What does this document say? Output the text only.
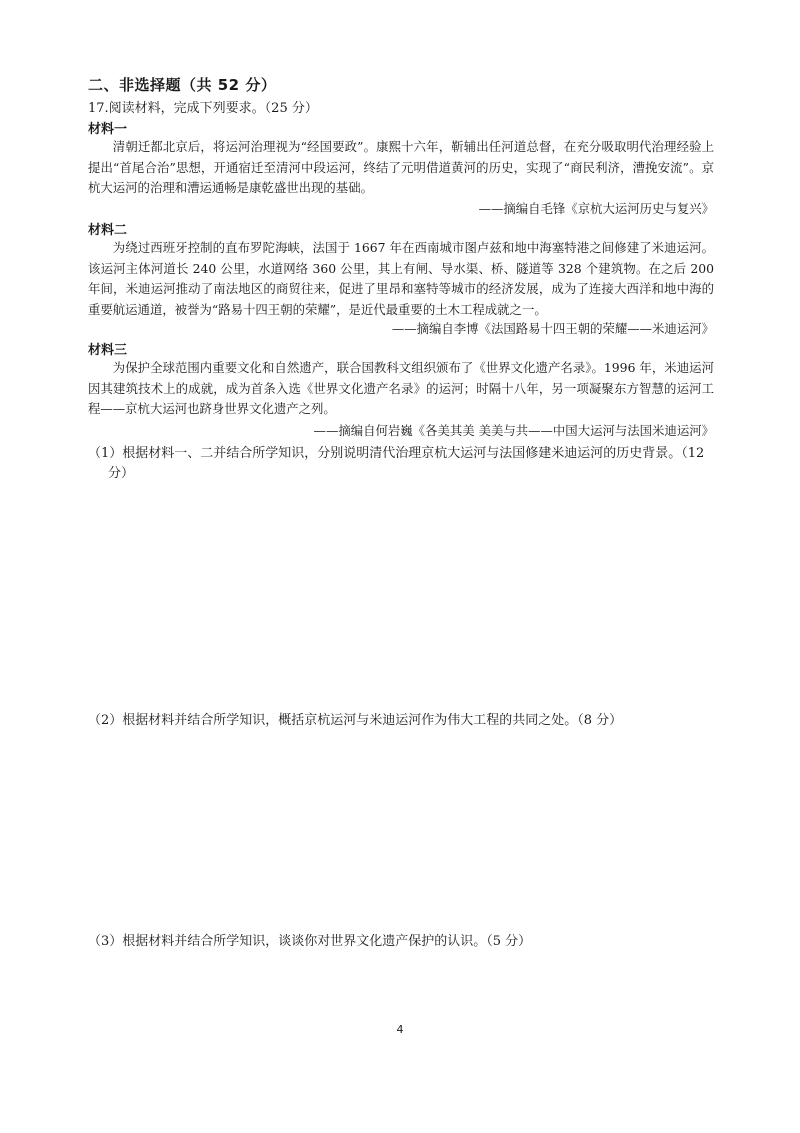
二、非选择题（共 52 分）
17.阅读材料，完成下列要求。（25 分）
材料一
清朝迁都北京后，将运河治理视为“经国要政”。康熙十六年，靳辅出任河道总督，在充分吸取明代治理经验上提出“首尾合治”思想，开通宿迁至清河中段运河，终结了元明借道黄河的历史，实现了“商民利济，漕挽安流”。京杭大运河的治理和漕运通畅是康乾盛世出现的基础。
——摘编自毛锋《京杭大运河历史与复兴》
材料二
为绕过西班牙控制的直布罗陀海峡，法国于 1667 年在西南城市图卢兹和地中海塞特港之间修建了米迪运河。该运河主体河道长 240 公里，水道网络 360 公里，其上有闸、导水渠、桥、隧道等 328 个建筑物。在之后 200 年间，米迪运河推动了南法地区的商贸往来，促进了里昂和塞特等城市的经济发展，成为了连接大西洋和地中海的重要航运通道，被誉为“路易十四王朝的荣耀”，是近代最重要的土木工程成就之一。
——摘编自李博《法国路易十四王朝的荣耀——米迪运河》
材料三
为保护全球范围内重要文化和自然遗产，联合国教科文组织颁布了《世界文化遗产名录》。1996 年，米迪运河因其建筑技术上的成就，成为首条入选《世界文化遗产名录》的运河；时隔十八年，另一项凝聚东方智慧的运河工程——京杭大运河也跻身世界文化遗产之列。
——摘编自何岩巍《各美其美 美美与共——中国大运河与法国米迪运河》
（1）根据材料一、二并结合所学知识，分别说明清代治理京杭大运河与法国修建米迪运河的历史背景。（12
分）
（2）根据材料并结合所学知识，概括京杭运河与米迪运河作为伟大工程的共同之处。（8 分）
（3）根据材料并结合所学知识，谈谈你对世界文化遗产保护的认识。（5 分）
4
